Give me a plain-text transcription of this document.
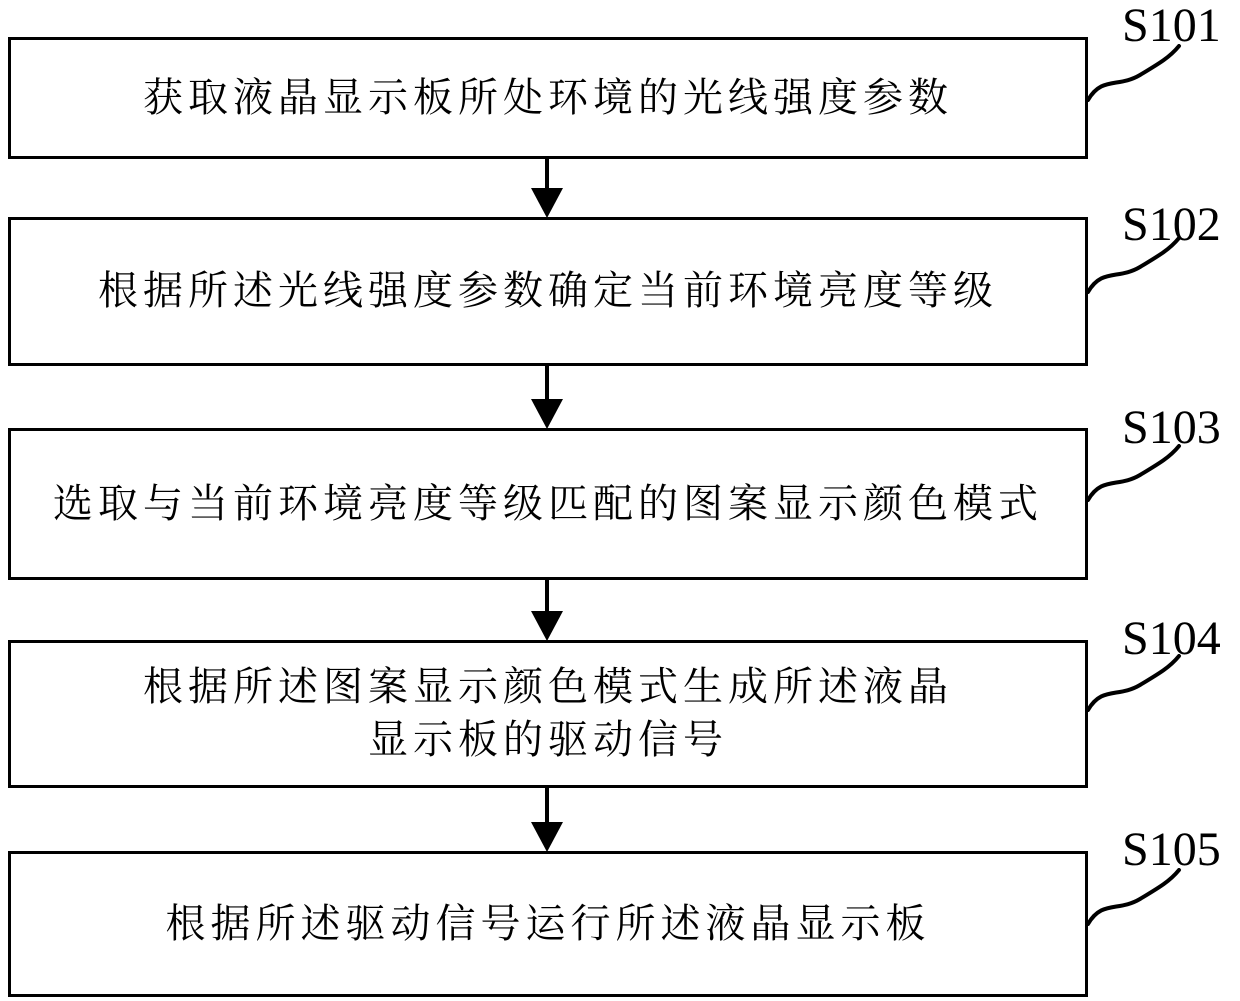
获取液晶显示板所处环境的光线强度参数
S101
根据所述光线强度参数确定当前环境亮度等级
S102
选取与当前环境亮度等级匹配的图案显示颜色模式
S103
根据所述图案显示颜色模式生成所述液晶
显示板的驱动信号
S104
根据所述驱动信号运行所述液晶显示板
S105
